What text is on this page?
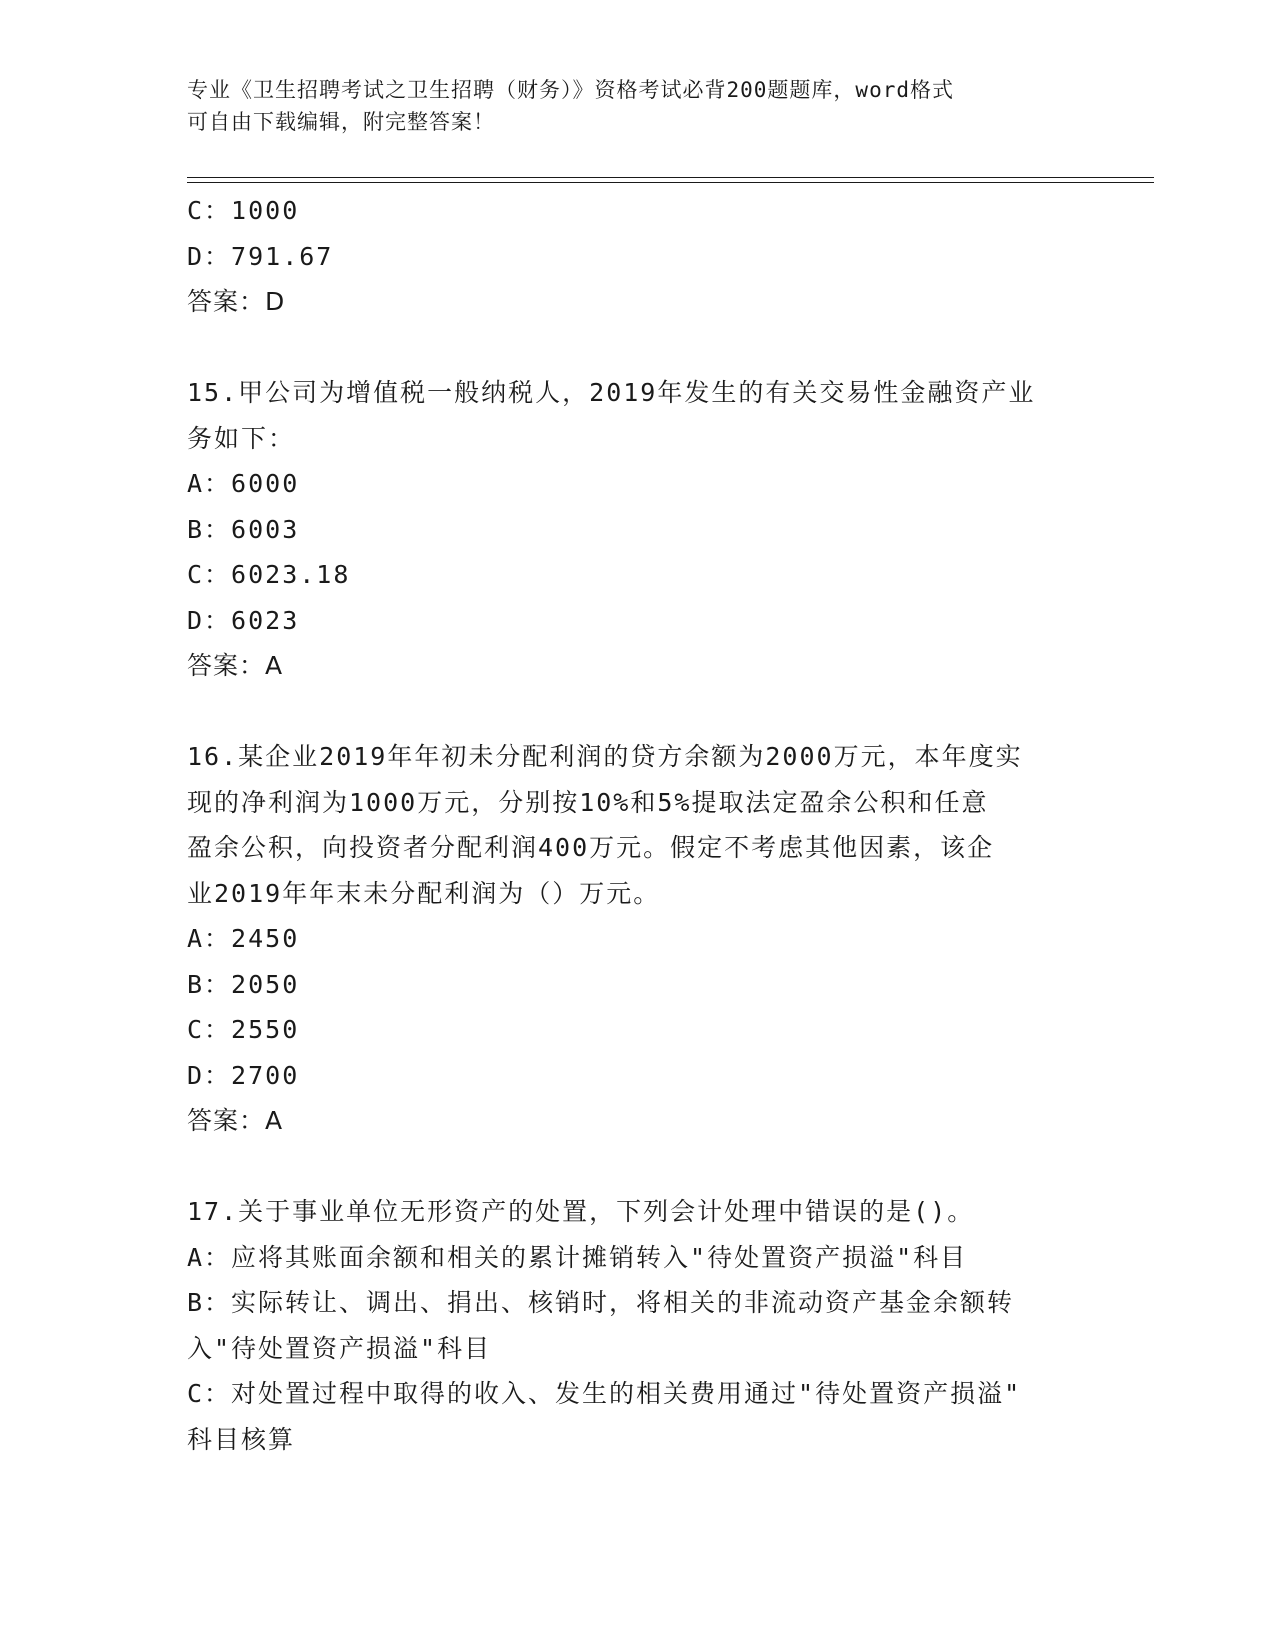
专业《卫生招聘考试之卫生招聘（财务）》资格考试必背200题题库，word格式
可自由下载编辑，附完整答案！
C：1000
D：791.67
答案：D
15.甲公司为增值税一般纳税人，2019年发生的有关交易性金融资产业
务如下：
A：6000
B：6003
C：6023.18
D：6023
答案：A
16.某企业2019年年初未分配利润的贷方余额为2000万元，本年度实
现的净利润为1000万元，分别按10%和5%提取法定盈余公积和任意
盈余公积，向投资者分配利润400万元。假定不考虑其他因素，该企
业2019年年末未分配利润为（）万元。
A：2450
B：2050
C：2550
D：2700
答案：A
17.关于事业单位无形资产的处置，下列会计处理中错误的是()。
A：应将其账面余额和相关的累计摊销转入"待处置资产损溢"科目
B：实际转让、调出、捐出、核销时，将相关的非流动资产基金余额转
入"待处置资产损溢"科目
C：对处置过程中取得的收入、发生的相关费用通过"待处置资产损溢"
科目核算
